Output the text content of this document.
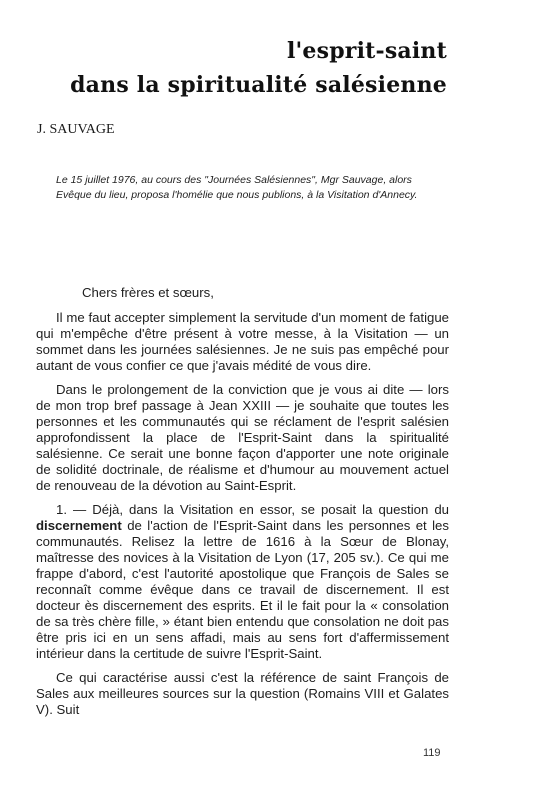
l'esprit-saint
dans la spiritualité salésienne
J. SAUVAGE

Le 15 juillet 1976, au cours des "Journées Salésiennes", Mgr Sauvage, alors

Evêque du lieu, proposa l'homélie que nous publions, à la Visitation d'Annecy.

Chers frères et sœurs,

Il me faut accepter simplement la servitude d'un moment de fatigue qui m'empêche d'être présent à votre messe, à la Visitation — un sommet dans les journées salésiennes. Je ne suis pas empêché pour autant de vous confier ce que j'avais médité de vous dire.

Dans le prolongement de la conviction que je vous ai dite — lors de mon trop bref passage à Jean XXIII — je souhaite que toutes les personnes et les communautés qui se réclament de l'esprit salésien approfondissent la place de l'Esprit-Saint dans la spiritualité salésienne. Ce serait une bonne façon d'apporter une note originale de solidité doctrinale, de réalisme et d'humour au mouvement actuel de renouveau de la dévotion au Saint-Esprit.

1. — Déjà, dans la Visitation en essor, se posait la question du discernement de l'action de l'Esprit-Saint dans les personnes et les communautés. Relisez la lettre de 1616 à la Sœur de Blonay, maîtresse des novices à la Visitation de Lyon (17, 205 sv.). Ce qui me frappe d'abord, c'est l'autorité apostolique que François de Sales se reconnaît comme évêque dans ce travail de discernement. Il est docteur ès discernement des esprits. Et il le fait pour la « consolation de sa très chère fille, » étant bien entendu que consolation ne doit pas être pris ici en un sens affadi, mais au sens fort d'affermissement intérieur dans la certitude de suivre l'Esprit-Saint.

Ce qui caractérise aussi c'est la référence de saint François de Sales aux meilleures sources sur la question (Romains VIII et Galates V). Suit

119
